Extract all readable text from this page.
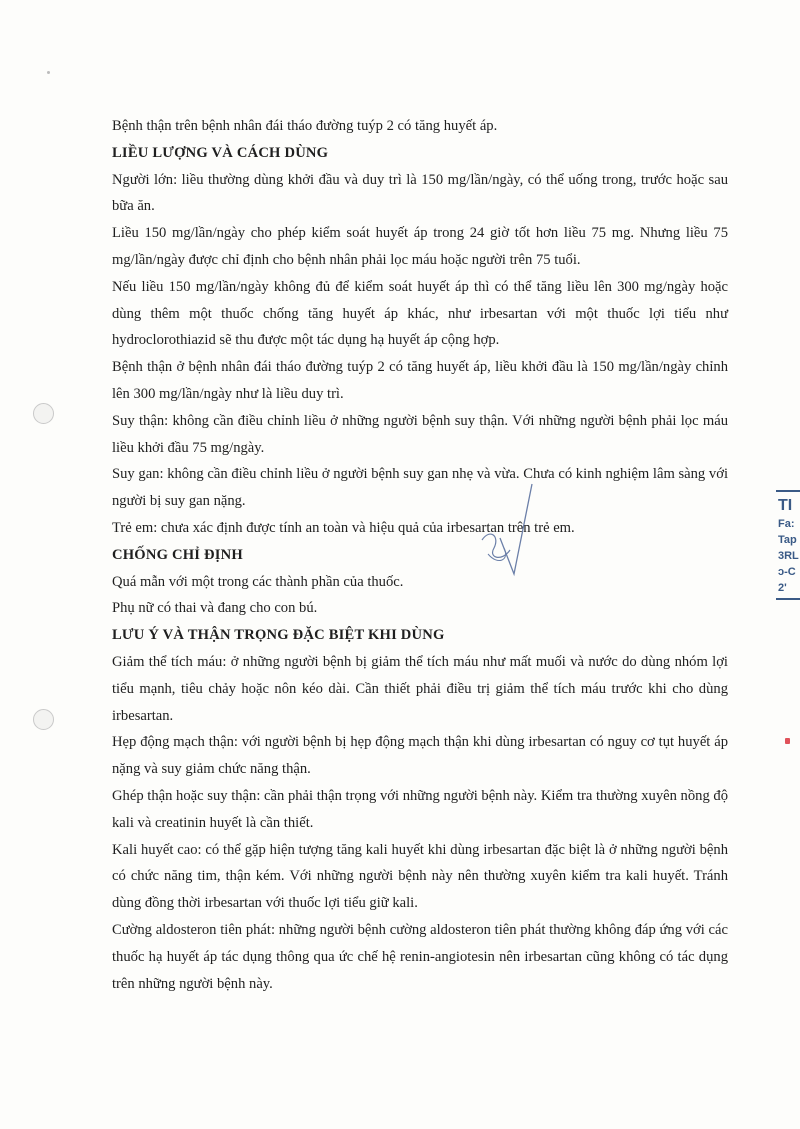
Bệnh thận trên bệnh nhân đái tháo đường tuýp 2 có tăng huyết áp.

LIỀU LƯỢNG VÀ CÁCH DÙNG

Người lớn: liều thường dùng khởi đầu và duy trì là 150 mg/lần/ngày, có thể uống trong, trước hoặc sau bữa ăn.

Liều 150 mg/lần/ngày cho phép kiểm soát huyết áp trong 24 giờ tốt hơn liều 75 mg. Nhưng liều 75 mg/lần/ngày được chỉ định cho bệnh nhân phải lọc máu hoặc người trên 75 tuổi.

Nếu liều 150 mg/lần/ngày không đủ để kiểm soát huyết áp thì có thể tăng liều lên 300 mg/ngày hoặc dùng thêm một thuốc chống tăng huyết áp khác, như irbesartan với một thuốc lợi tiểu như hydroclorothiazid sẽ thu được một tác dụng hạ huyết áp cộng hợp.

Bệnh thận ở bệnh nhân đái tháo đường tuýp 2 có tăng huyết áp, liều khởi đầu là 150 mg/lần/ngày chỉnh lên 300 mg/lần/ngày như là liều duy trì.

Suy thận: không cần điều chỉnh liều ở những người bệnh suy thận. Với những người bệnh phải lọc máu liều khởi đầu 75 mg/ngày.

Suy gan: không cần điều chỉnh liều ở người bệnh suy gan nhẹ và vừa. Chưa có kinh nghiệm lâm sàng với người bị suy gan nặng.

Trẻ em: chưa xác định được tính an toàn và hiệu quả của irbesartan trên trẻ em.

CHỐNG CHỈ ĐỊNH

Quá mẫn với một trong các thành phần của thuốc.

Phụ nữ có thai và đang cho con bú.

LƯU Ý VÀ THẬN TRỌNG ĐẶC BIỆT KHI DÙNG

Giảm thể tích máu: ở những người bệnh bị giảm thể tích máu như mất muối và nước do dùng nhóm lợi tiểu mạnh, tiêu chảy hoặc nôn kéo dài. Cần thiết phải điều trị giảm thể tích máu trước khi cho dùng irbesartan.

Hẹp động mạch thận: với người bệnh bị hẹp động mạch thận khi dùng irbesartan có nguy cơ tụt huyết áp nặng và suy giảm chức năng thận.

Ghép thận hoặc suy thận: cần phải thận trọng với những người bệnh này. Kiểm tra thường xuyên nồng độ kali và creatinin huyết là cần thiết.

Kali huyết cao: có thể gặp hiện tượng tăng kali huyết khi dùng irbesartan đặc biệt là ở những người bệnh có chức năng tim, thận kém. Với những người bệnh này nên thường xuyên kiểm tra kali huyết. Tránh dùng đồng thời irbesartan với thuốc lợi tiểu giữ kali.

Cường aldosteron tiên phát: những người bệnh cường aldosteron tiên phát thường không đáp ứng với các thuốc hạ huyết áp tác dụng thông qua ức chế hệ renin-angiotesin nên irbesartan cũng không có tác dụng trên những người bệnh này.

TI
Fa:
Tap
3RL
ɔ-C
2'
